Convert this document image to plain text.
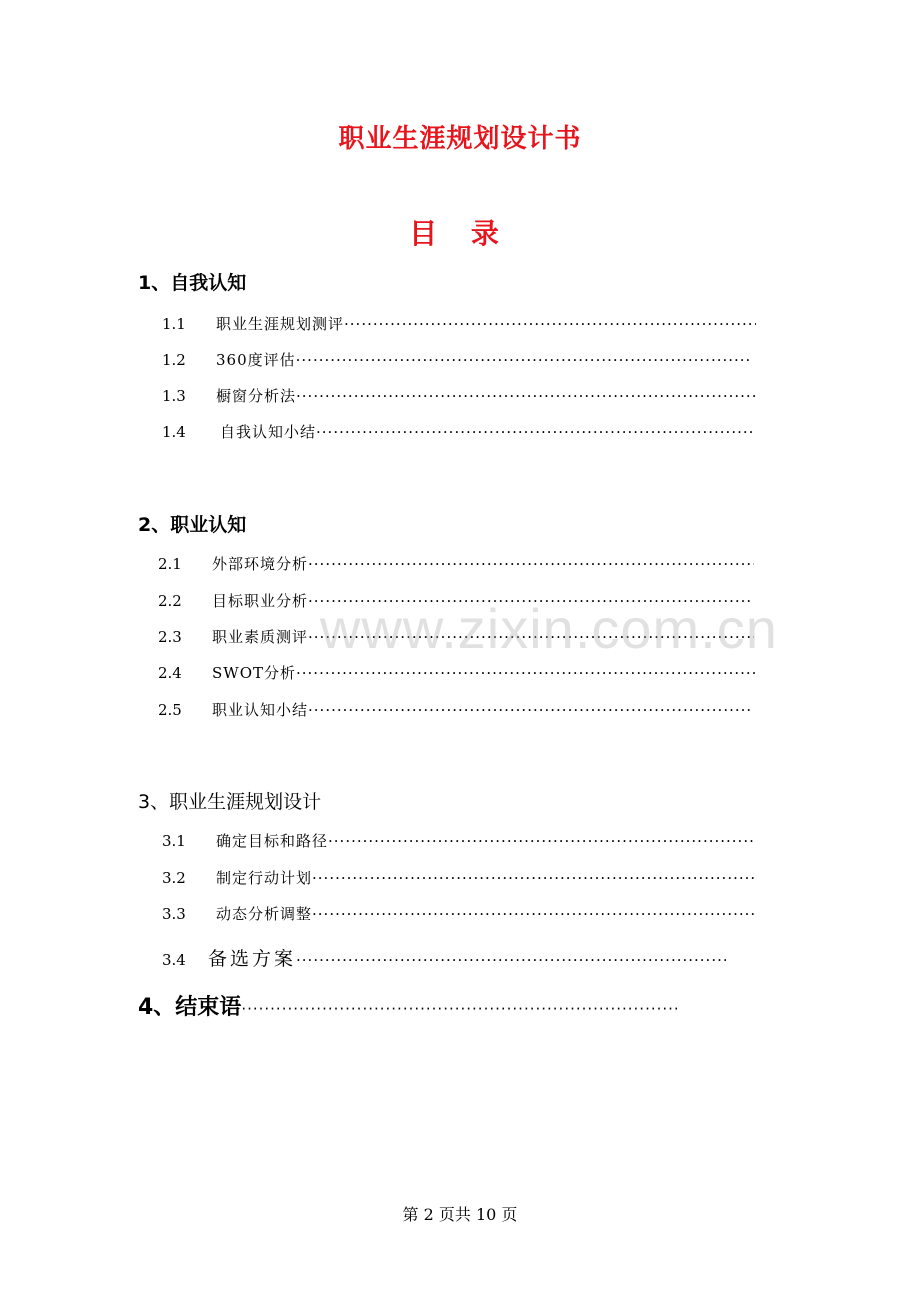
职业生涯规划设计书
目 录
1、自我认知
1.1	职业生涯规划测评
·····
1.2	360度评估
·····
1.3	橱窗分析法
·····
1.4	自我认知小结
·····
2、职业认知
2.1	外部环境分析
·····
2.2	目标职业分析
·····
2.3	职业素质测评
·····
2.4	SWOT分析
·····
2.5	职业认知小结
·····
3、职业生涯规划设计
3.1	确定目标和路径
·····
3.2	制定行动计划
·····
3.3	动态分析调整
·····
3.4	备选方案
·····
4、结束语
·····
www.zixin.com.cn
第 2 页共 10 页
